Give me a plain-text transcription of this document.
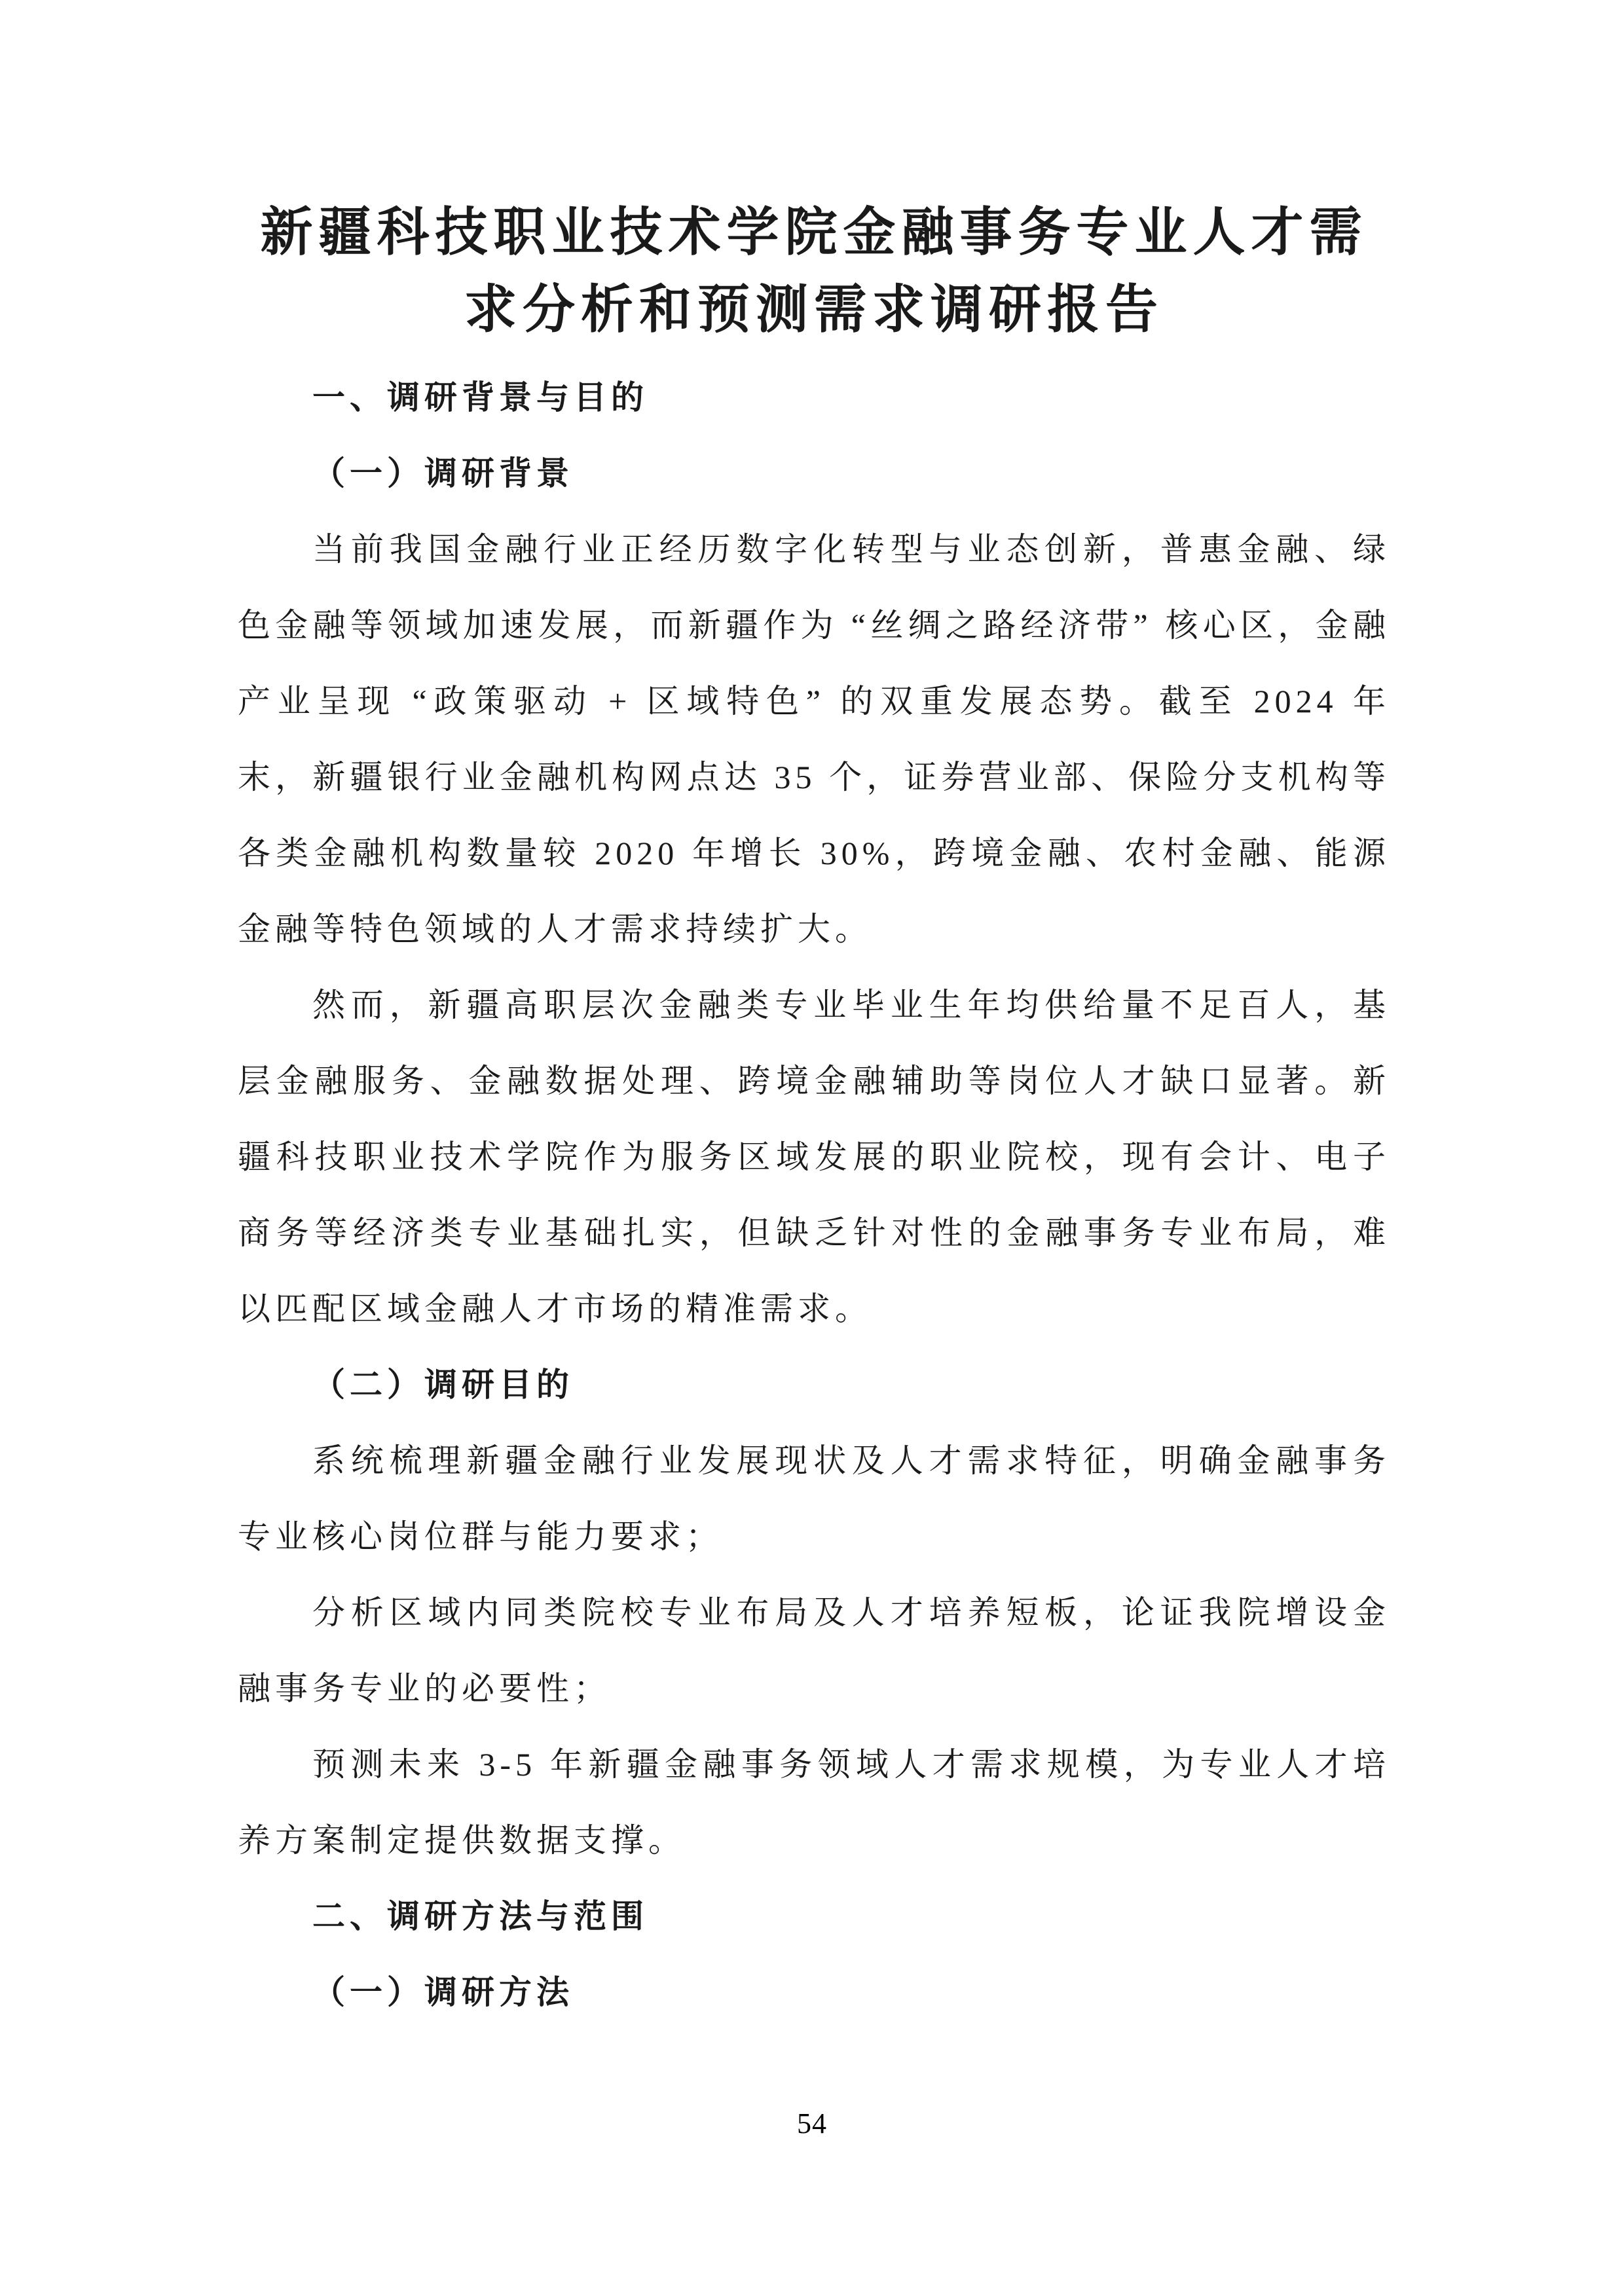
新疆科技职业技术学院金融事务专业人才需
求分析和预测需求调研报告
一、调研背景与目的
（一）调研背景

当前我国金融行业正经历数字化转型与业态创新，普惠金融、绿色金融等领域加速发展，而新疆作为 “丝绸之路经济带” 核心区，金融产业呈现 “政策驱动 + 区域特色” 的双重发展态势。截至 2024 年末，新疆银行业金融机构网点达 35 个，证券营业部、保险分支机构等各类金融机构数量较 2020 年增长 30%，跨境金融、农村金融、能源金融等特色领域的人才需求持续扩大。

然而，新疆高职层次金融类专业毕业生年均供给量不足百人，基层金融服务、金融数据处理、跨境金融辅助等岗位人才缺口显著。新疆科技职业技术学院作为服务区域发展的职业院校，现有会计、电子商务等经济类专业基础扎实，但缺乏针对性的金融事务专业布局，难以匹配区域金融人才市场的精准需求。

（二）调研目的

系统梳理新疆金融行业发展现状及人才需求特征，明确金融事务专业核心岗位群与能力要求；

分析区域内同类院校专业布局及人才培养短板，论证我院增设金融事务专业的必要性；

预测未来 3-5 年新疆金融事务领域人才需求规模，为专业人才培养方案制定提供数据支撑。

二、调研方法与范围
（一）调研方法
54
